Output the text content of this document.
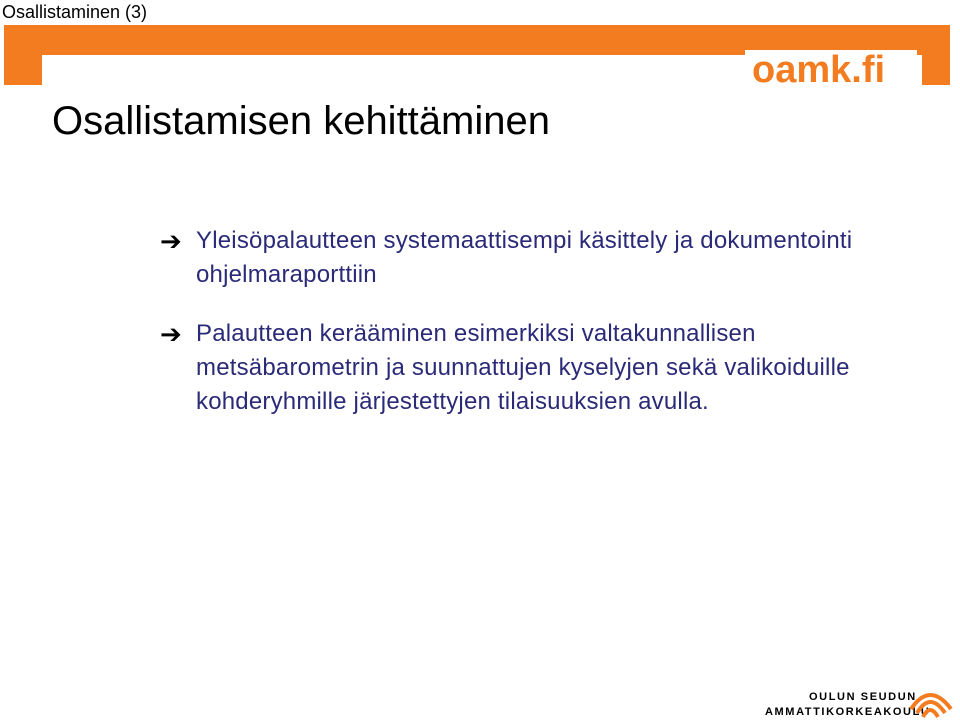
Osallistaminen (3)
oamk.fi
Osallistamisen kehittäminen
➔ Yleisöpalautteen systemaattisempi käsittely ja dokumentointi ohjelmaraporttiin
➔ Palautteen kerääminen esimerkiksi valtakunnallisen metsäbarometrin ja suunnattujen kyselyjen sekä valikoiduille kohderyhmille järjestettyjen tilaisuuksien avulla.
OULUN SEUDUN
AMMATTIKORKEAKOULU
